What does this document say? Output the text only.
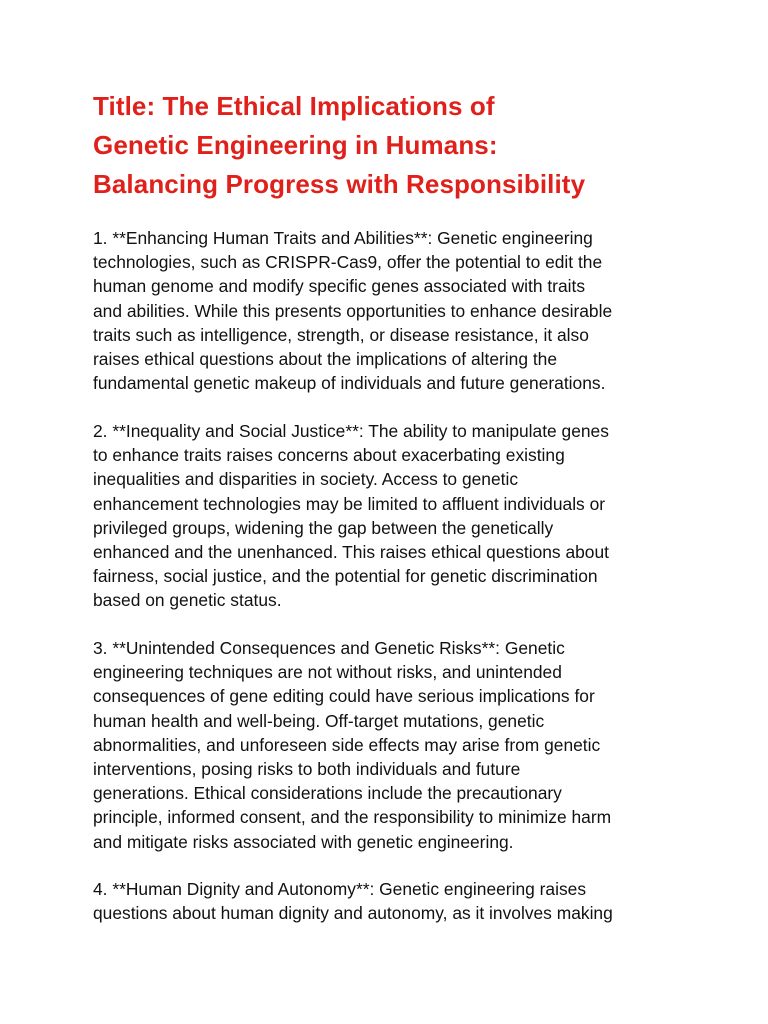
Title: The Ethical Implications of
Genetic Engineering in Humans:
Balancing Progress with Responsibility

1. **Enhancing Human Traits and Abilities**: Genetic engineering
technologies, such as CRISPR-Cas9, offer the potential to edit the
human genome and modify specific genes associated with traits
and abilities. While this presents opportunities to enhance desirable
traits such as intelligence, strength, or disease resistance, it also
raises ethical questions about the implications of altering the
fundamental genetic makeup of individuals and future generations.

2. **Inequality and Social Justice**: The ability to manipulate genes
to enhance traits raises concerns about exacerbating existing
inequalities and disparities in society. Access to genetic
enhancement technologies may be limited to affluent individuals or
privileged groups, widening the gap between the genetically
enhanced and the unenhanced. This raises ethical questions about
fairness, social justice, and the potential for genetic discrimination
based on genetic status.

3. **Unintended Consequences and Genetic Risks**: Genetic
engineering techniques are not without risks, and unintended
consequences of gene editing could have serious implications for
human health and well-being. Off-target mutations, genetic
abnormalities, and unforeseen side effects may arise from genetic
interventions, posing risks to both individuals and future
generations. Ethical considerations include the precautionary
principle, informed consent, and the responsibility to minimize harm
and mitigate risks associated with genetic engineering.

4. **Human Dignity and Autonomy**: Genetic engineering raises
questions about human dignity and autonomy, as it involves making
